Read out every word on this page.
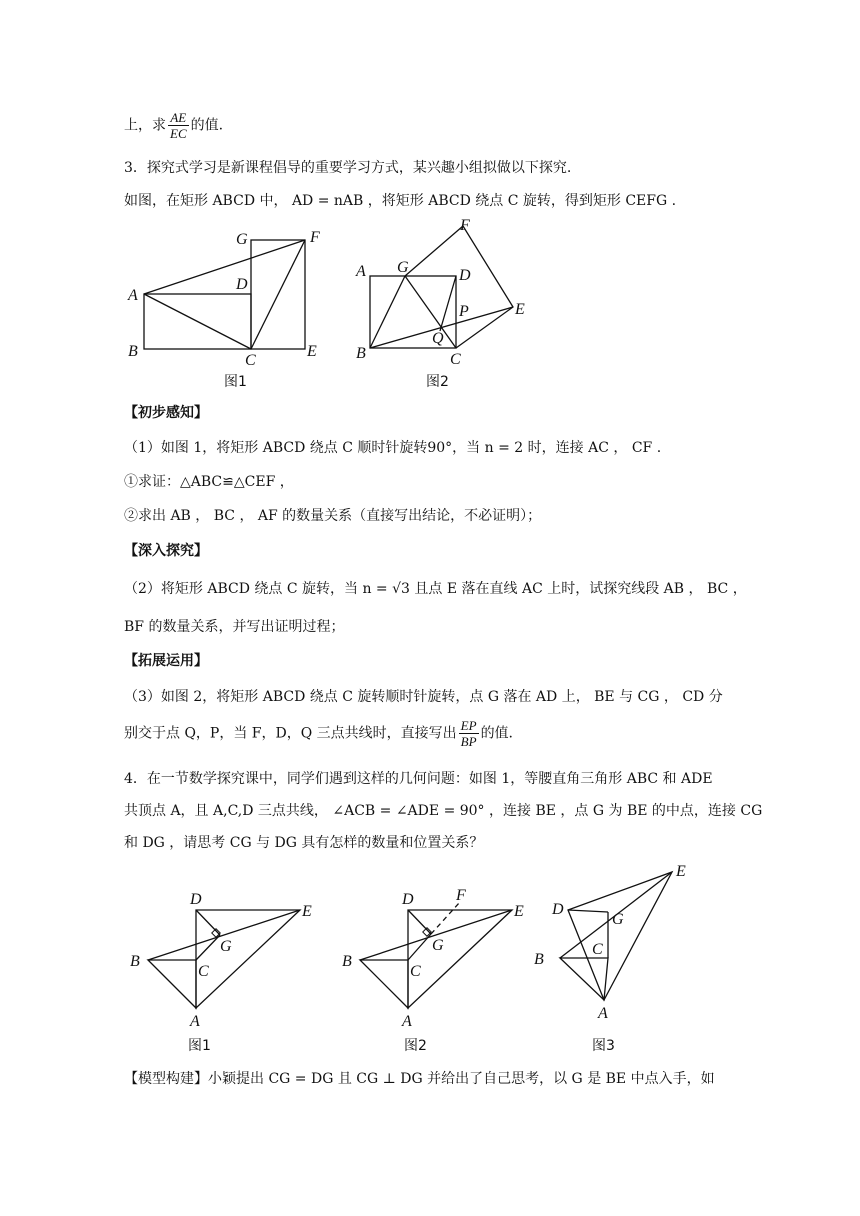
上，求 $\frac{AE}{EC}$ 的值.
3．探究式学习是新课程倡导的重要学习方式，某兴趣小组拟做以下探究.
如图，在矩形 ABCD 中， AD = nAB ，将矩形 ABCD 绕点 C 旋转，得到矩形 CEFG .
G	F
A
D
B
C
E
图1
F
A G	D
P	E
Q
B	C
图2
【初步感知】
（1）如图 1，将矩形 ABCD 绕点 C 顺时针旋转90°，当 n = 2 时，连接 AC ， CF .
①求证：△ABC≌△CEF ，
②求出 AB ， BC ， AF 的数量关系（直接写出结论，不必证明）；
【深入探究】
（2）将矩形 ABCD 绕点 C 旋转，当 n = √3 且点 E 落在直线 AC 上时，试探究线段 AB ， BC ，
BF 的数量关系，并写出证明过程；
【拓展运用】
（3）如图 2，将矩形 ABCD 绕点 C 旋转顺时针旋转，点 G 落在 AD 上， BE 与 CG ， CD 分
别交于点 Q，P，当 F，D，Q 三点共线时，直接写出 $\frac{EP}{BP}$ 的值.
4．在一节数学探究课中，同学们遇到这样的几何问题：如图 1，等腰直角三角形 ABC 和 ADE
共顶点 A，且 A,C,D 三点共线， ∠ACB = ∠ADE = 90° ，连接 BE ，点 G 为 BE 的中点，连接 CG
和 DG ，请思考 CG 与 DG 具有怎样的数量和位置关系？
D
E
G
B
C
A
图1
D	F
E
G
B
C
A
图2
E
D
G
B
C
A
图3
【模型构建】小颖提出 CG = DG 且 CG ⊥ DG 并给出了自己思考，以 G 是 BE 中点入手，如
